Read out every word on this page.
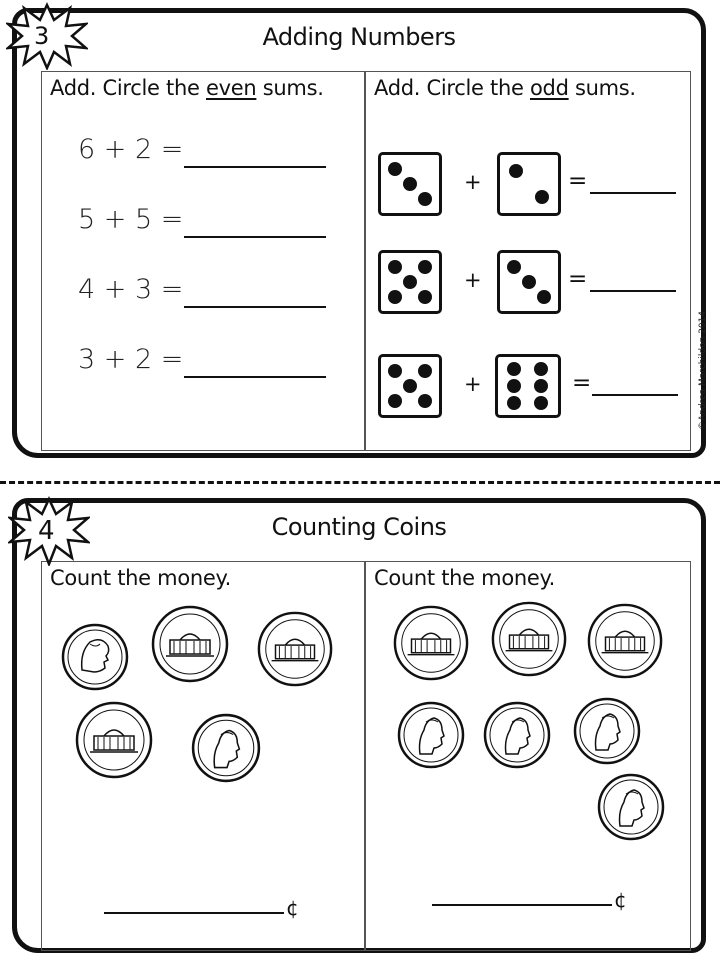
Adding Numbers
Add. Circle the even sums.
6 + 2 =
5 + 5 =
4 + 3 =
3 + 2 =
Add. Circle the odd sums.
+	=
+	=
+	=
3
Counting Coins
Count the money.
¢
Count the money.
¢
4
©Andrea Marchildon 2014
